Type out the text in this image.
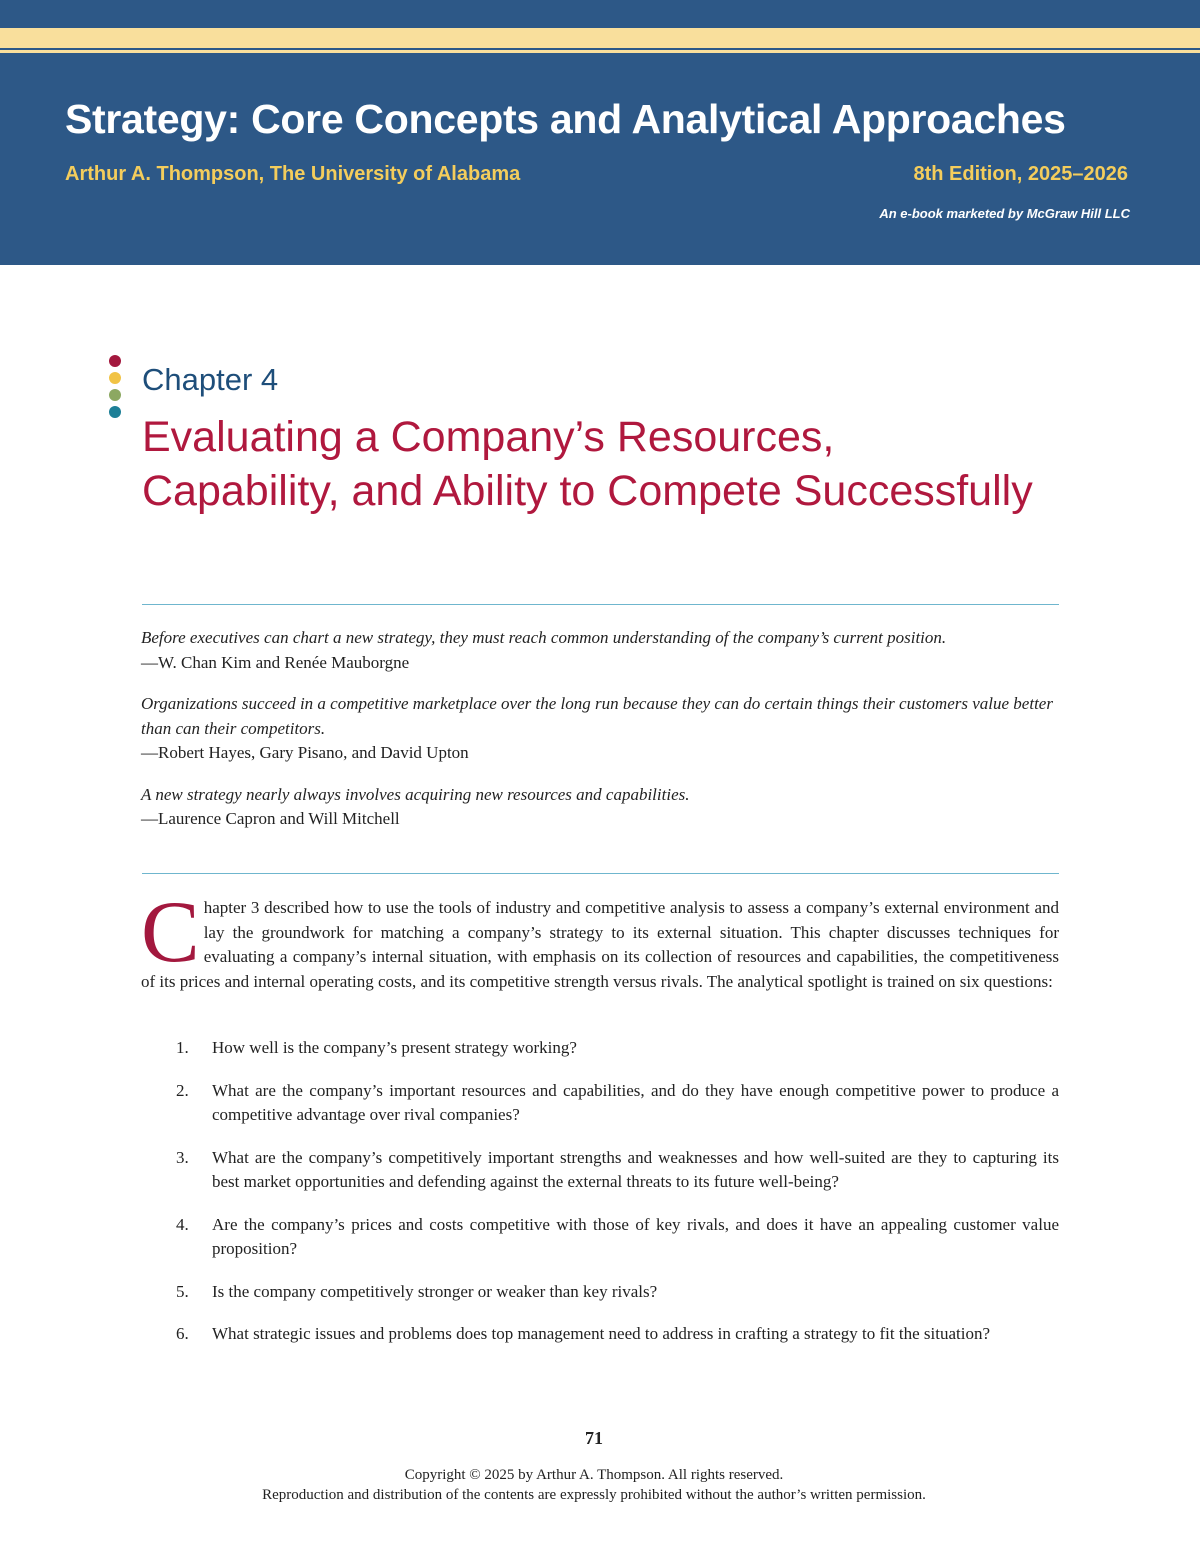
Strategy: Core Concepts and Analytical Approaches
Arthur A. Thompson, The University of Alabama	8th Edition, 2025–2026
An e-book marketed by McGraw Hill LLC
Chapter 4
Evaluating a Company’s Resources, Capability, and Ability to Compete Successfully

Before executives can chart a new strategy, they must reach common understanding of the company’s current position.
—W. Chan Kim and Renée Mauborgne

Organizations succeed in a competitive marketplace over the long run because they can do certain things their customers value better than can their competitors.
—Robert Hayes, Gary Pisano, and David Upton

A new strategy nearly always involves acquiring new resources and capabilities.
—Laurence Capron and Will Mitchell

Chapter 3 described how to use the tools of industry and competitive analysis to assess a company’s external environment and lay the groundwork for matching a company’s strategy to its external situation. This chapter discusses techniques for evaluating a company’s internal situation, with emphasis on its collection of resources and capabilities, the competitiveness of its prices and internal operating costs, and its competitive strength versus rivals. The analytical spotlight is trained on six questions:

1. How well is the company’s present strategy working?
2. What are the company’s important resources and capabilities, and do they have enough competitive power to produce a competitive advantage over rival companies?
3. What are the company’s competitively important strengths and weaknesses and how well-suited are they to capturing its best market opportunities and defending against the external threats to its future well-being?
4. Are the company’s prices and costs competitive with those of key rivals, and does it have an appealing customer value proposition?
5. Is the company competitively stronger or weaker than key rivals?
6. What strategic issues and problems does top management need to address in crafting a strategy to fit the situation?
71
Copyright © 2025 by Arthur A. Thompson. All rights reserved.
Reproduction and distribution of the contents are expressly prohibited without the author’s written permission.
